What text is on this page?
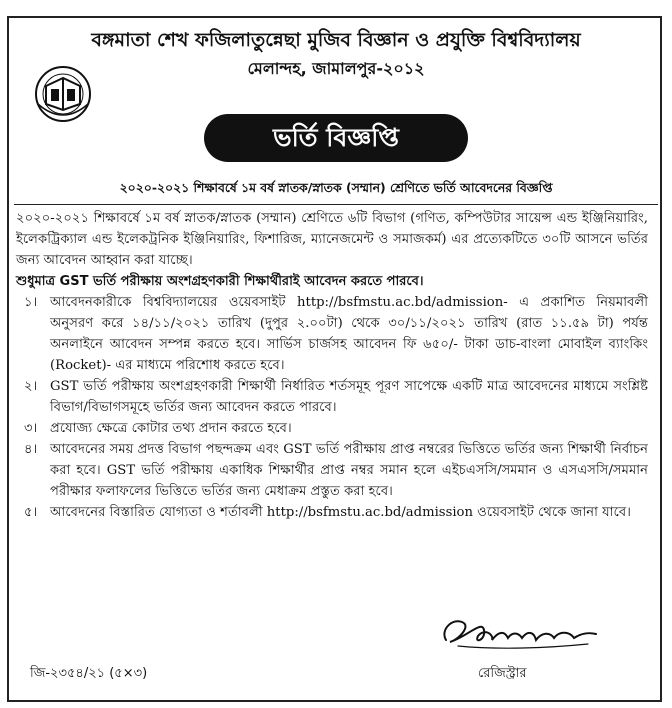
বঙ্গমাতা শেখ ফজিলাতুন্নেছা মুজিব বিজ্ঞান ও প্রযুক্তি বিশ্ববিদ্যালয়
মেলান্দহ, জামালপুর-২০১২
ভর্তি বিজ্ঞপ্তি
২০২০-২০২১ শিক্ষাবর্ষে ১ম বর্ষ স্নাতক/স্নাতক (সম্মান) শ্রেণিতে ভর্তি আবেদনের বিজ্ঞপ্তি

২০২০-২০২১ শিক্ষাবর্ষে ১ম বর্ষ স্নাতক/স্নাতক (সম্মান) শ্রেণিতে ৬টি বিভাগ (গণিত, কম্পিউটার সায়েন্স এন্ড ইঞ্জিনিয়ারিং, ইলেকট্রিক্যাল এন্ড ইলেকট্রনিক ইঞ্জিনিয়ারিং, ফিশারিজ, ম্যানেজমেন্ট ও সমাজকর্ম) এর প্রত্যেকটিতে ৩০টি আসনে ভর্তির জন্য আবেদন আহ্বান করা যাচ্ছে।

শুধুমাত্র GST ভর্তি পরীক্ষায় অংশগ্রহণকারী শিক্ষার্থীরাই আবেদন করতে পারবে।

১। আবেদনকারীকে বিশ্ববিদ্যালয়ের ওয়েবসাইট http://bsfmstu.ac.bd/admission- এ প্রকাশিত নিয়মাবলী অনুসরণ করে ১৪/১১/২০২১ তারিখ (দুপুর ২.০০টা) থেকে ৩০/১১/২০২১ তারিখ (রাত ১১.৫৯ টা) পর্যন্ত অনলাইনে আবেদন সম্পন্ন করতে হবে। সার্ভিস চার্জসহ আবেদন ফি ৬৫০/- টাকা ডাচ-বাংলা মোবাইল ব্যাংকিং (Rocket)- এর মাধ্যমে পরিশোধ করতে হবে।
২। GST ভর্তি পরীক্ষায় অংশগ্রহণকারী শিক্ষার্থী নির্ধারিত শর্তসমূহ পূরণ সাপেক্ষে একটি মাত্র আবেদনের মাধ্যমে সংশ্লিষ্ট বিভাগ/বিভাগসমূহে ভর্তির জন্য আবেদন করতে পারবে।
৩। প্রযোজ্য ক্ষেত্রে কোটার তথ্য প্রদান করতে হবে।
৪। আবেদনের সময় প্রদত্ত বিভাগ পছন্দক্রম এবং GST ভর্তি পরীক্ষায় প্রাপ্ত নম্বরের ভিত্তিতে ভর্তির জন্য শিক্ষার্থী নির্বাচন করা হবে। GST ভর্তি পরীক্ষায় একাধিক শিক্ষার্থীর প্রাপ্ত নম্বর সমান হলে এইচএসসি/সমমান ও এসএসসি/সমমান পরীক্ষার ফলাফলের ভিত্তিতে ভর্তির জন্য মেধাক্রম প্রস্তুত করা হবে।
৫। আবেদনের বিস্তারিত যোগ্যতা ও শর্তাবলী http://bsfmstu.ac.bd/admission ওয়েবসাইট থেকে জানা যাবে।
জি-২৩৫৪/২১ (৫×৩)	রেজিস্ট্রার
